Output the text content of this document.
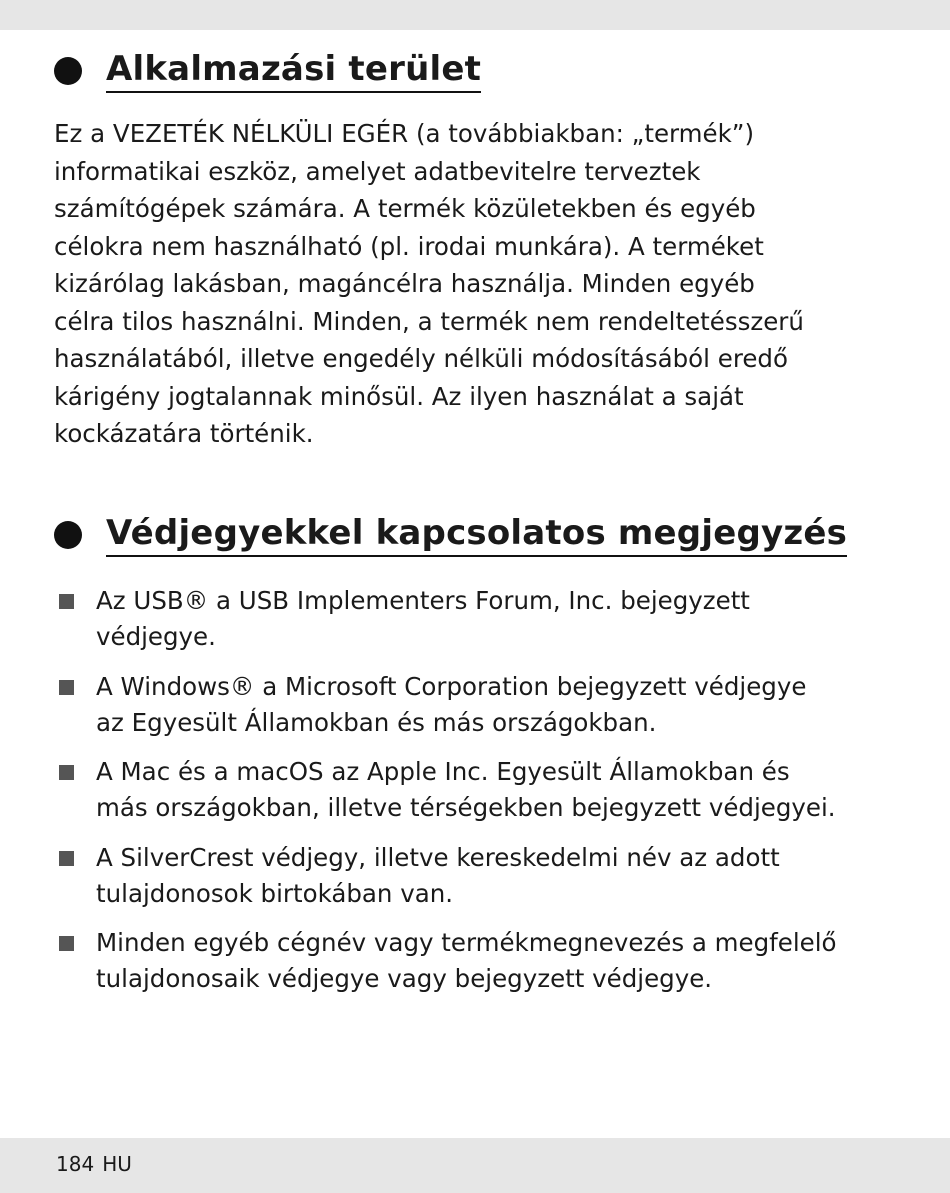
Alkalmazási terület
Ez a VEZETÉK NÉLKÜLI EGÉR (a továbbiakban: „termék”)
informatikai eszköz, amelyet adatbevitelre terveztek
számítógépek számára. A termék közületekben és egyéb
célokra nem használható (pl. irodai munkára). A terméket
kizárólag lakásban, magáncélra használja. Minden egyéb
célra tilos használni. Minden, a termék nem rendeltetésszerű
használatából, illetve engedély nélküli módosításából eredő
kárigény jogtalannak minősül. Az ilyen használat a saját
kockázatára történik.
Védjegyekkel kapcsolatos megjegyzés
Az USB® a USB Implementers Forum, Inc. bejegyzett
védjegye.
A Windows® a Microsoft Corporation bejegyzett védjegye
az Egyesült Államokban és más országokban.
A Mac és a macOS az Apple Inc. Egyesült Államokban és
más országokban, illetve térségekben bejegyzett védjegyei.
A SilverCrest védjegy, illetve kereskedelmi név az adott
tulajdonosok birtokában van.
Minden egyéb cégnév vagy termékmegnevezés a megfelelő
tulajdonosaik védjegye vagy bejegyzett védjegye.
184 HU
